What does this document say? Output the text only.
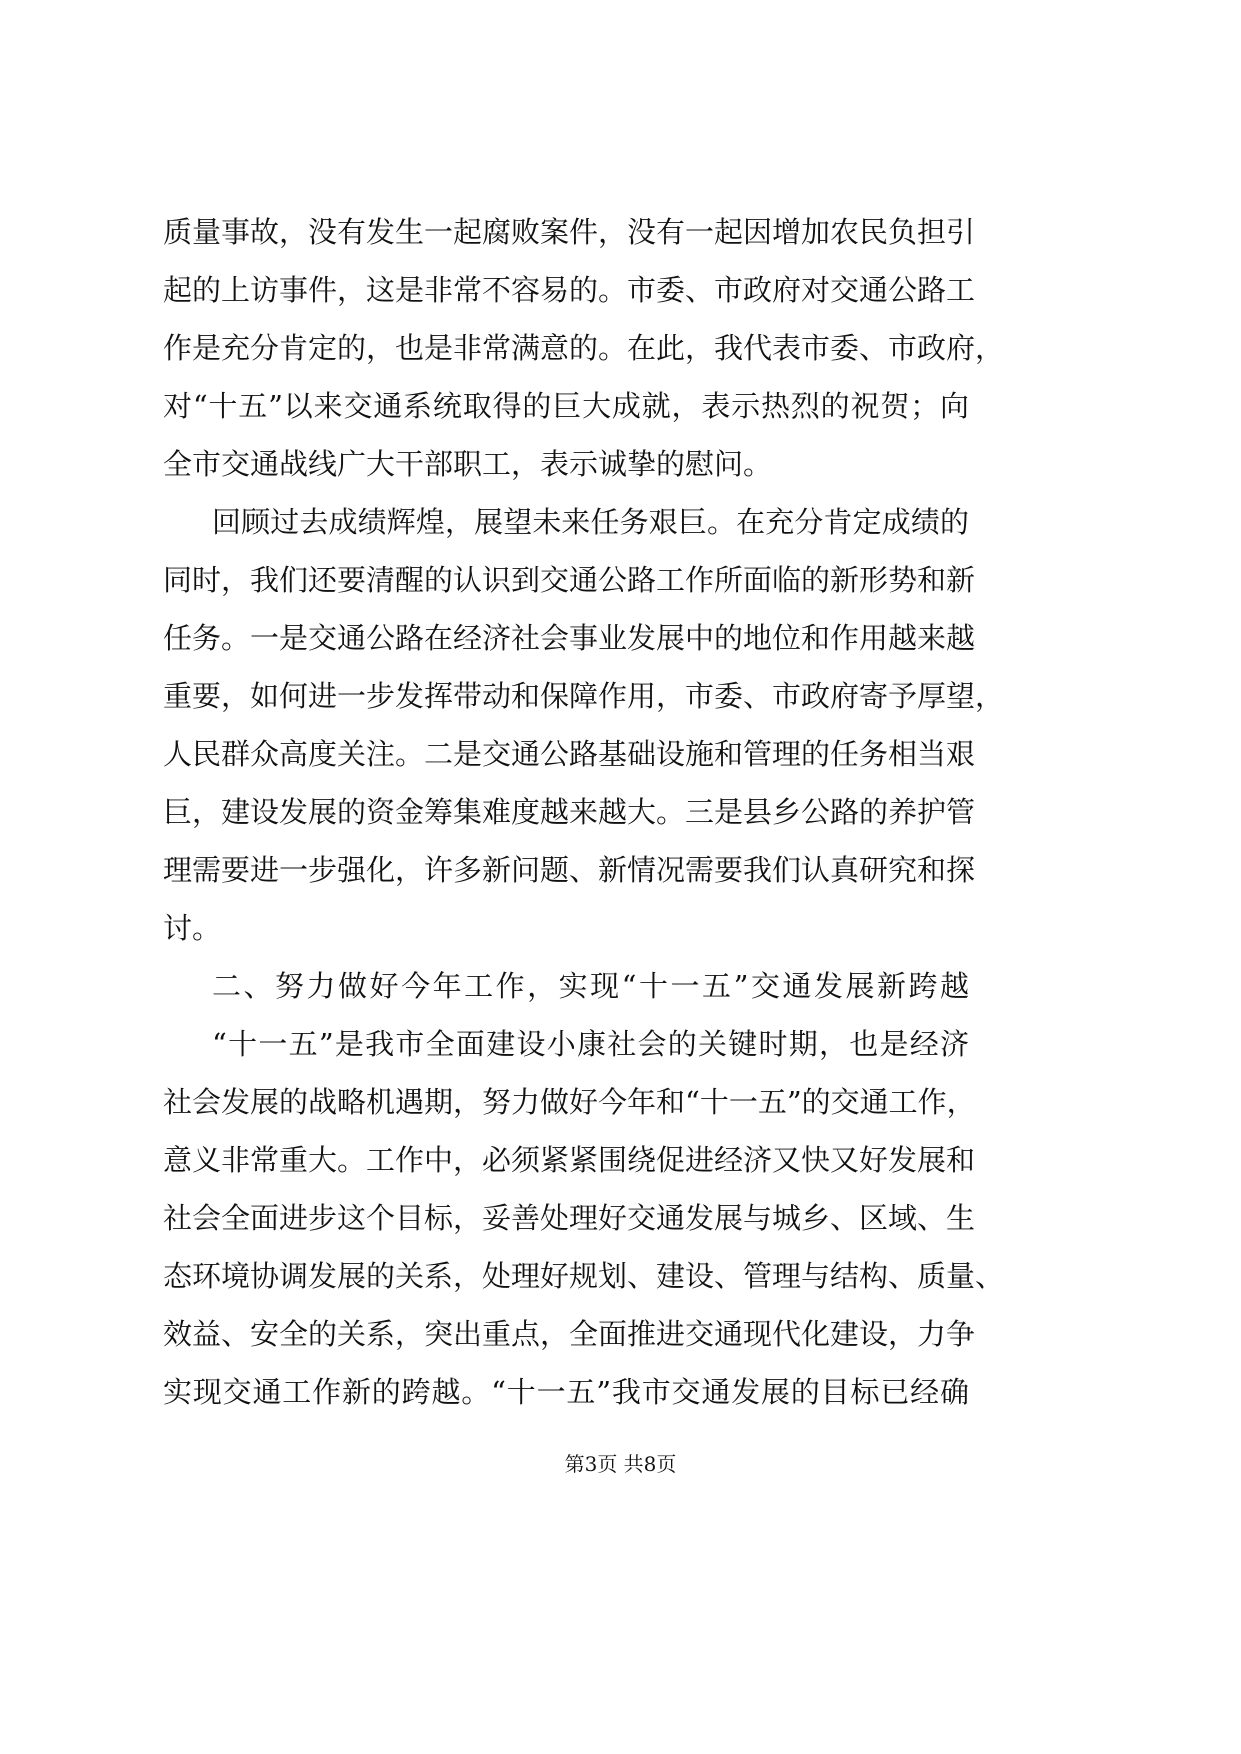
质量事故，没有发生一起腐败案件，没有一起因增加农民负担引
起的上访事件，这是非常不容易的。市委、市政府对交通公路工
作是充分肯定的，也是非常满意的。在此，我代表市委、市政府，
对“十五”以来交通系统取得的巨大成就，表示热烈的祝贺；向
全市交通战线广大干部职工，表示诚挚的慰问。
回顾过去成绩辉煌，展望未来任务艰巨。在充分肯定成绩的
同时，我们还要清醒的认识到交通公路工作所面临的新形势和新
任务。一是交通公路在经济社会事业发展中的地位和作用越来越
重要，如何进一步发挥带动和保障作用，市委、市政府寄予厚望，
人民群众高度关注。二是交通公路基础设施和管理的任务相当艰
巨，建设发展的资金筹集难度越来越大。三是县乡公路的养护管
理需要进一步强化，许多新问题、新情况需要我们认真研究和探
讨。
二、努力做好今年工作，实现“十一五”交通发展新跨越
“十一五”是我市全面建设小康社会的关键时期，也是经济
社会发展的战略机遇期，努力做好今年和“十一五”的交通工作，
意义非常重大。工作中，必须紧紧围绕促进经济又快又好发展和
社会全面进步这个目标，妥善处理好交通发展与城乡、区域、生
态环境协调发展的关系，处理好规划、建设、管理与结构、质量、
效益、安全的关系，突出重点，全面推进交通现代化建设，力争
实现交通工作新的跨越。“十一五”我市交通发展的目标已经确
第3页 共8页
